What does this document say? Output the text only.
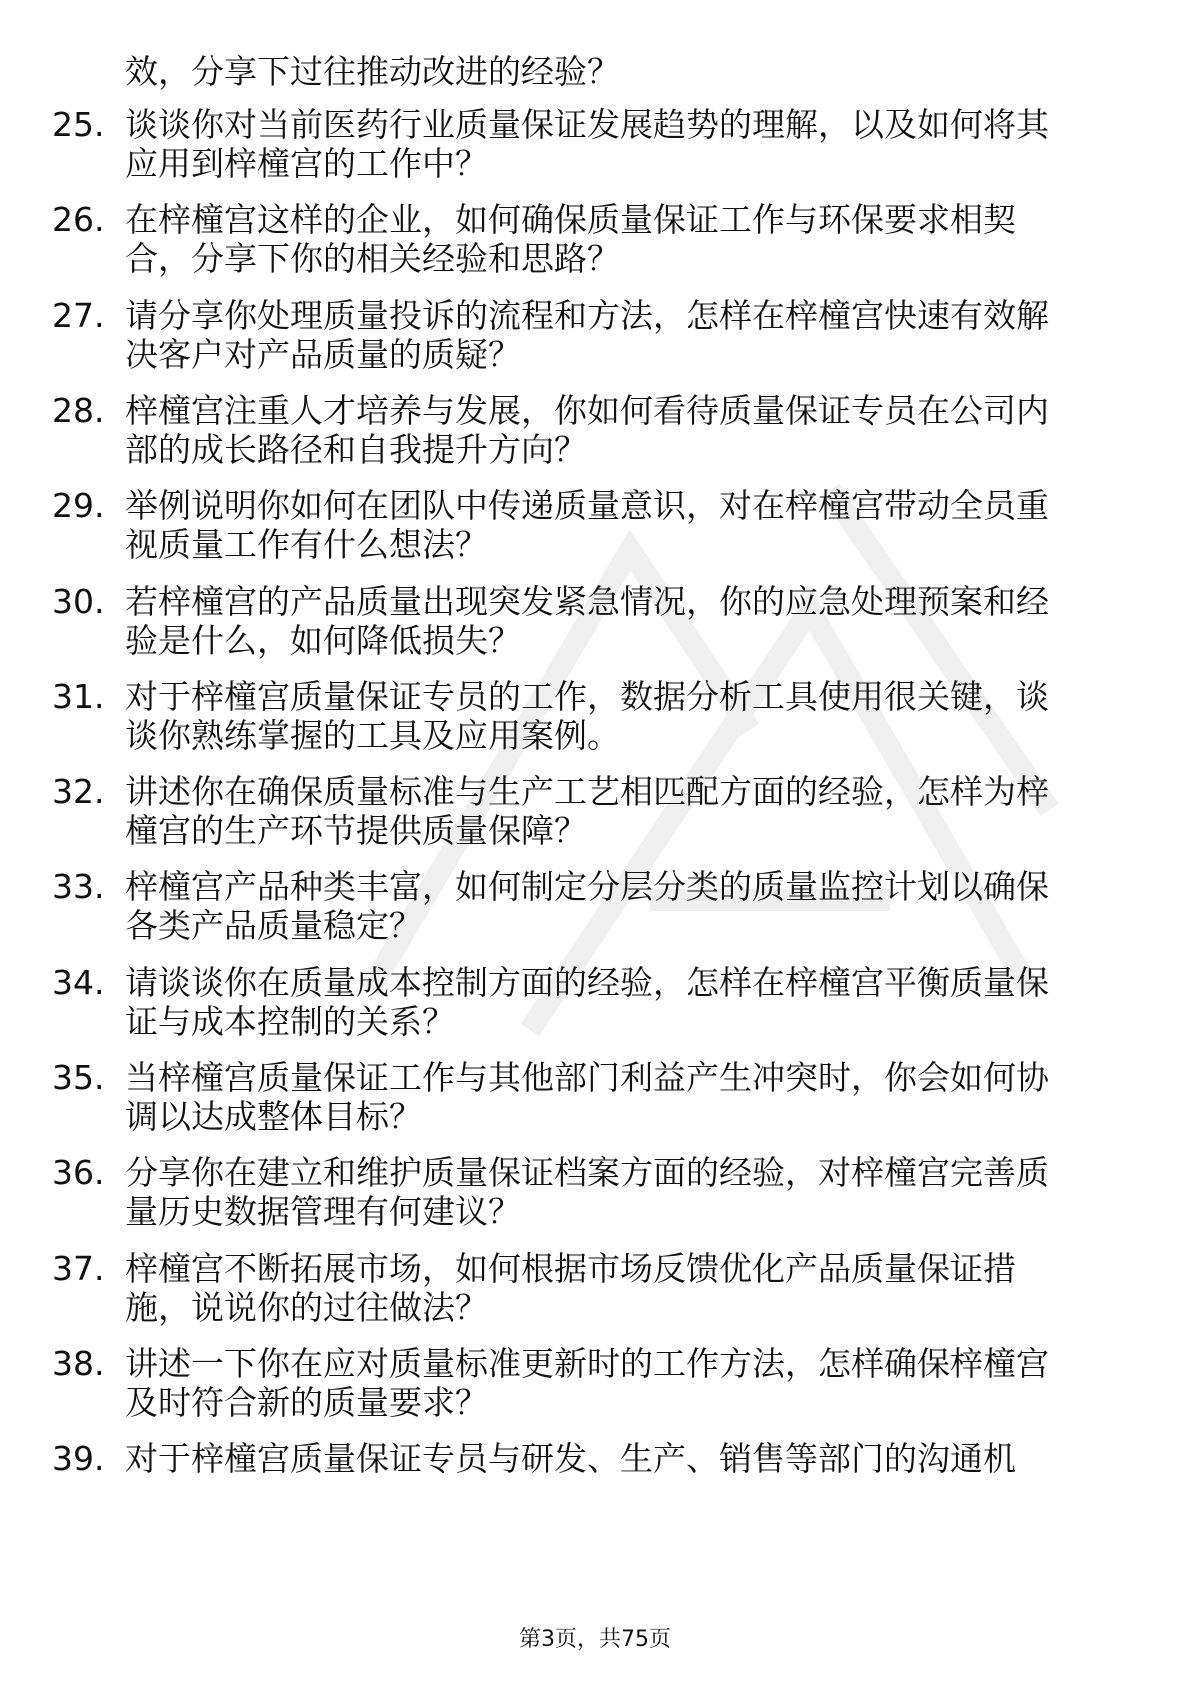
效，分享下过往推动改进的经验？

25. 谈谈你对当前医药行业质量保证发展趋势的理解，以及如何将其
应用到梓橦宫的工作中？
26. 在梓橦宫这样的企业，如何确保质量保证工作与环保要求相契
合，分享下你的相关经验和思路？
27. 请分享你处理质量投诉的流程和方法，怎样在梓橦宫快速有效解
决客户对产品质量的质疑？
28. 梓橦宫注重人才培养与发展，你如何看待质量保证专员在公司内
部的成长路径和自我提升方向？
29. 举例说明你如何在团队中传递质量意识，对在梓橦宫带动全员重
视质量工作有什么想法？
30. 若梓橦宫的产品质量出现突发紧急情况，你的应急处理预案和经
验是什么，如何降低损失？
31. 对于梓橦宫质量保证专员的工作，数据分析工具使用很关键，谈
谈你熟练掌握的工具及应用案例。
32. 讲述你在确保质量标准与生产工艺相匹配方面的经验，怎样为梓
橦宫的生产环节提供质量保障？
33. 梓橦宫产品种类丰富，如何制定分层分类的质量监控计划以确保
各类产品质量稳定？
34. 请谈谈你在质量成本控制方面的经验，怎样在梓橦宫平衡质量保
证与成本控制的关系？
35. 当梓橦宫质量保证工作与其他部门利益产生冲突时，你会如何协
调以达成整体目标？
36. 分享你在建立和维护质量保证档案方面的经验，对梓橦宫完善质
量历史数据管理有何建议？
37. 梓橦宫不断拓展市场，如何根据市场反馈优化产品质量保证措
施，说说你的过往做法？
38. 讲述一下你在应对质量标准更新时的工作方法，怎样确保梓橦宫
及时符合新的质量要求？
39. 对于梓橦宫质量保证专员与研发、生产、销售等部门的沟通机
第3页，共75页
